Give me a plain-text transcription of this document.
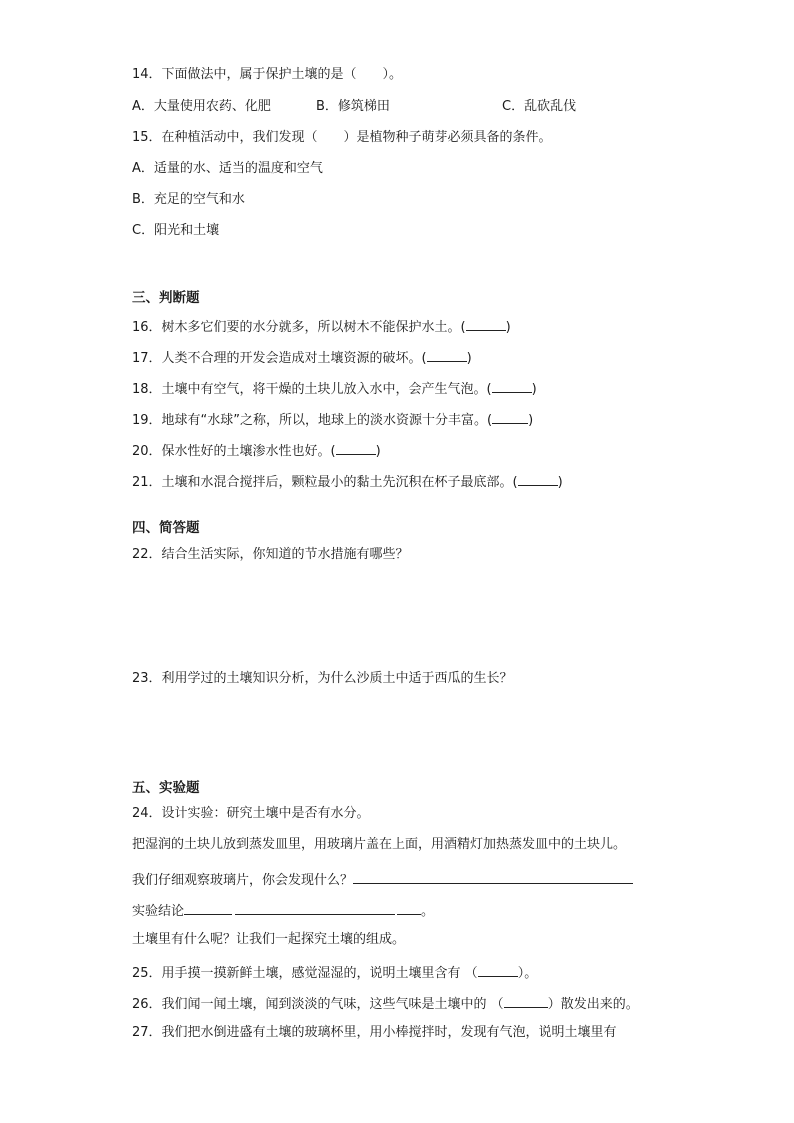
14．下面做法中，属于保护土壤的是（　　）。
A．大量使用农药、化肥	B．修筑梯田	C．乱砍乱伐
15．在种植活动中，我们发现（　　）是植物种子萌芽必须具备的条件。
A．适量的水、适当的温度和空气
B．充足的空气和水
C．阳光和土壤
三、判断题
16．树木多它们要的水分就多，所以树木不能保护水土。(	)
17．人类不合理的开发会造成对土壤资源的破坏。(	)
18．土壤中有空气，将干燥的土块儿放入水中，会产生气泡。(	)
19．地球有“水球”之称，所以，地球上的淡水资源十分丰富。(	)
20．保水性好的土壤渗水性也好。(	)
21．土壤和水混合搅拌后，颗粒最小的黏土先沉积在杯子最底部。(	)
四、简答题
22．结合生活实际，你知道的节水措施有哪些？
23．利用学过的土壤知识分析，为什么沙质土中适于西瓜的生长？
五、实验题
24．设计实验：研究土壤中是否有水分。
把湿润的土块儿放到蒸发皿里，用玻璃片盖在上面，用酒精灯加热蒸发皿中的土块儿。
我们仔细观察玻璃片，你会发现什么？
实验结论	。
土壤里有什么呢？让我们一起探究土壤的组成。
25．用手摸一摸新鲜土壤，感觉湿湿的，说明土壤里含有 （	）。
26．我们闻一闻土壤，闻到淡淡的气味，这些气味是土壤中的 （	）散发出来的。
27．我们把水倒进盛有土壤的玻璃杯里，用小棒搅拌时，发现有气泡，说明土壤里有
